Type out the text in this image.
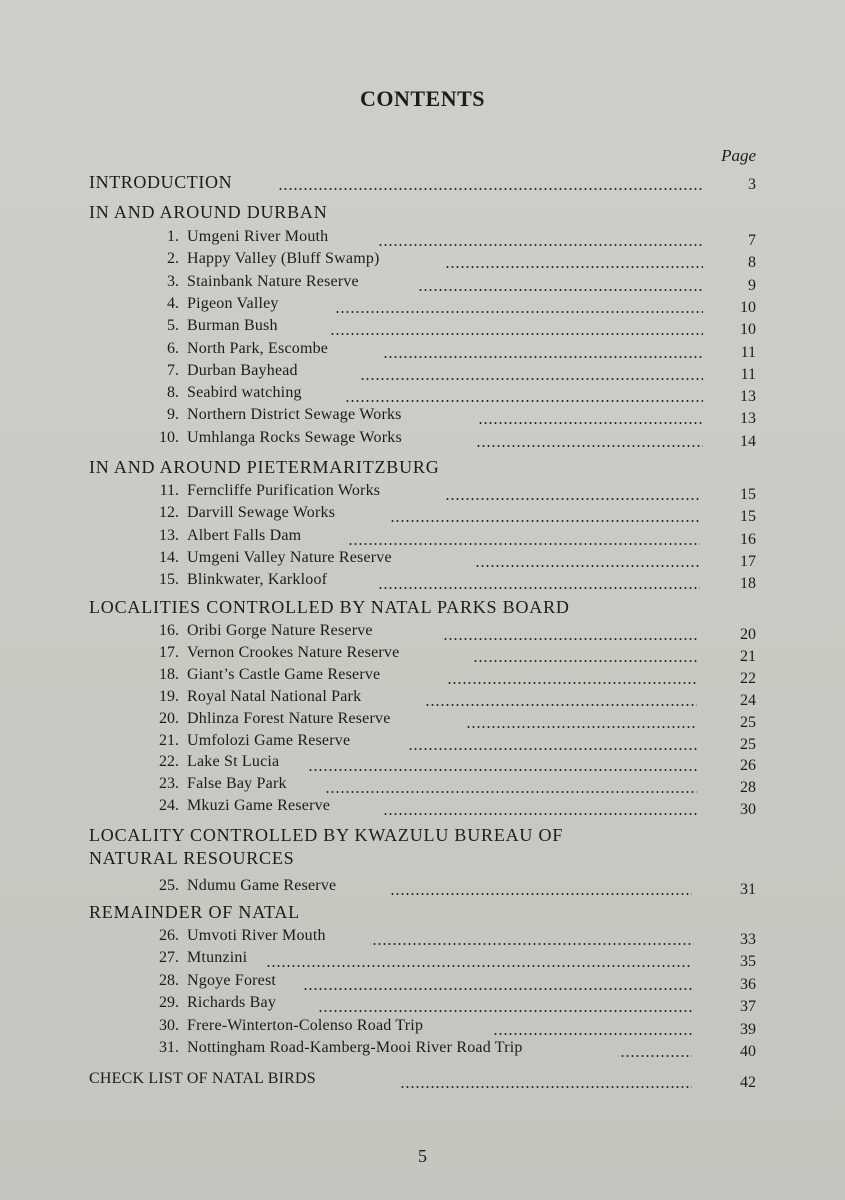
CONTENTS
Page
INTRODUCTION	3
IN AND AROUND DURBAN
1. Umgeni River Mouth	7
2. Happy Valley (Bluff Swamp)	8
3. Stainbank Nature Reserve	9
4. Pigeon Valley	10
5. Burman Bush	10
6. North Park, Escombe	11
7. Durban Bayhead	11
8. Seabird watching	13
9. Northern District Sewage Works	13
10. Umhlanga Rocks Sewage Works	14
IN AND AROUND PIETERMARITZBURG
11. Ferncliffe Purification Works	15
12. Darvill Sewage Works	15
13. Albert Falls Dam	16
14. Umgeni Valley Nature Reserve	17
15. Blinkwater, Karkloof	18
LOCALITIES CONTROLLED BY NATAL PARKS BOARD
16. Oribi Gorge Nature Reserve	20
17. Vernon Crookes Nature Reserve	21
18. Giant’s Castle Game Reserve	22
19. Royal Natal National Park	24
20. Dhlinza Forest Nature Reserve	25
21. Umfolozi Game Reserve	25
22. Lake St Lucia	26
23. False Bay Park	28
24. Mkuzi Game Reserve	30
LOCALITY CONTROLLED BY KWAZULU BUREAU OF
NATURAL RESOURCES
25. Ndumu Game Reserve	31
REMAINDER OF NATAL
26. Umvoti River Mouth	33
27. Mtunzini	35
28. Ngoye Forest	36
29. Richards Bay	37
30. Frere-Winterton-Colenso Road Trip	39
31. Nottingham Road-Kamberg-Mooi River Road Trip	40
CHECK LIST OF NATAL BIRDS	42
5
